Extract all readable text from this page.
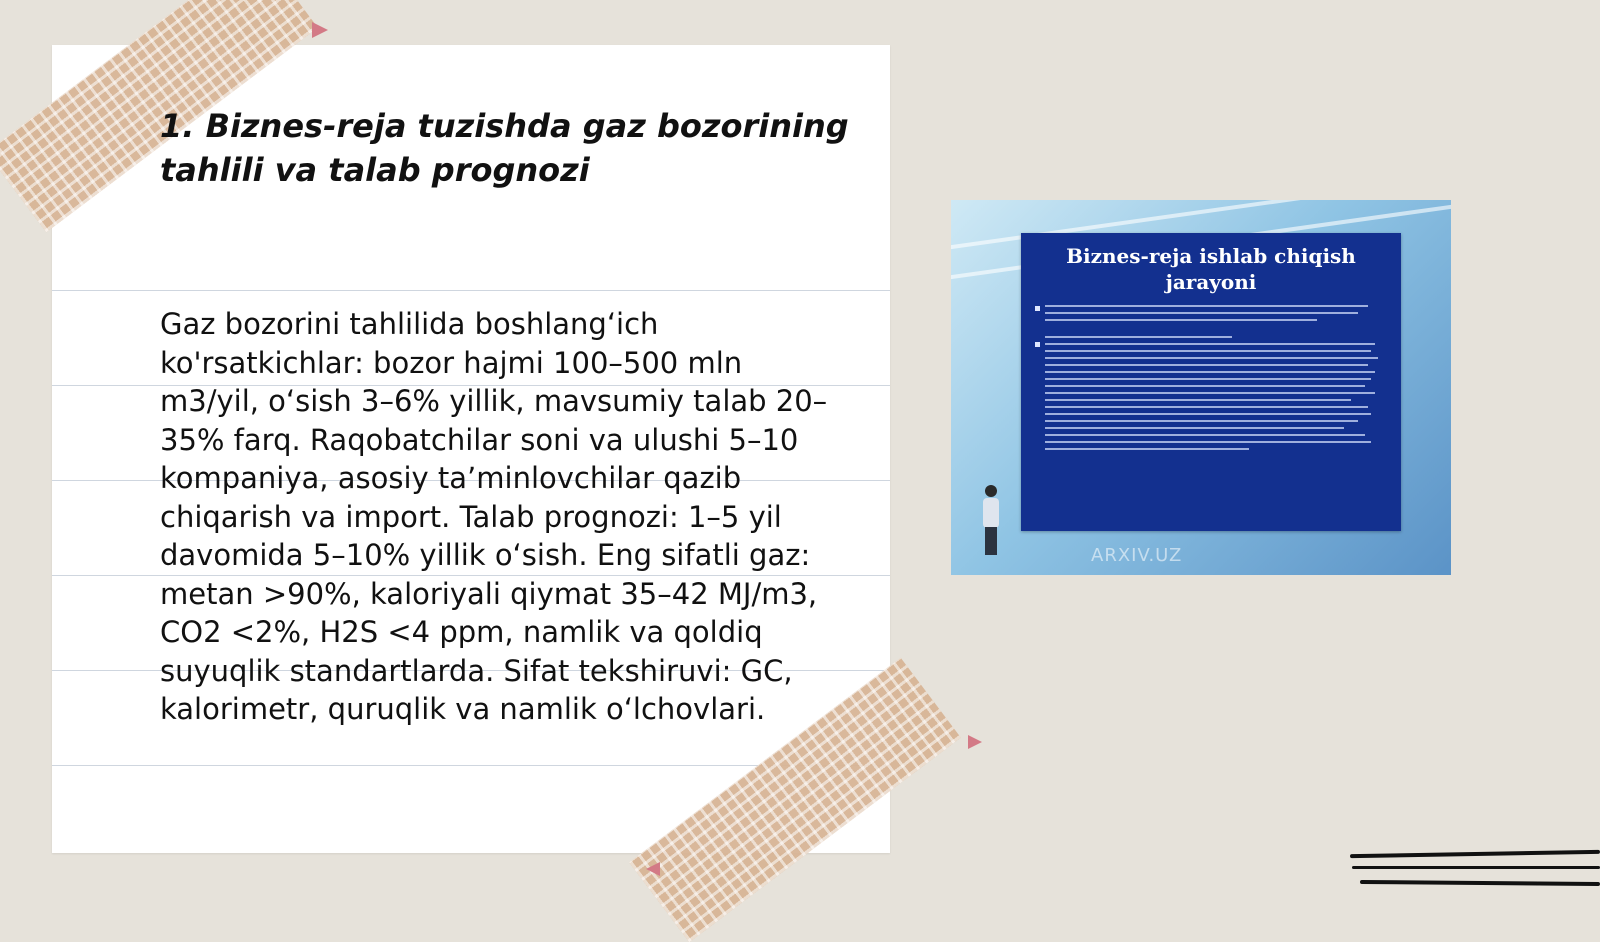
1. Biznes-reja tuzishda gaz bozorining tahlili va talab prognozi

Gaz bozorini tahlilida boshlang‘ich ko'rsatkichlar: bozor hajmi 100–500 mln m3/yil, o‘sish 3–6% yillik, mavsumiy talab 20–35% farq. Raqobatchilar soni va ulushi 5–10 kompaniya, asosiy ta’minlovchilar qazib chiqarish va import. Talab prognozi: 1–5 yil davomida 5–10% yillik o‘sish. Eng sifatli gaz: metan >90%, kaloriyali qiymat 35–42 MJ/m3, CO2 <2%, H2S <4 ppm, namlik va qoldiq suyuqlik standartlarda. Sifat tekshiruvi: GC, kalorimetr, quruqlik va namlik o‘lchovlari.

Biznes-reja ishlab chiqish jarayoni
ARXIV.UZ
